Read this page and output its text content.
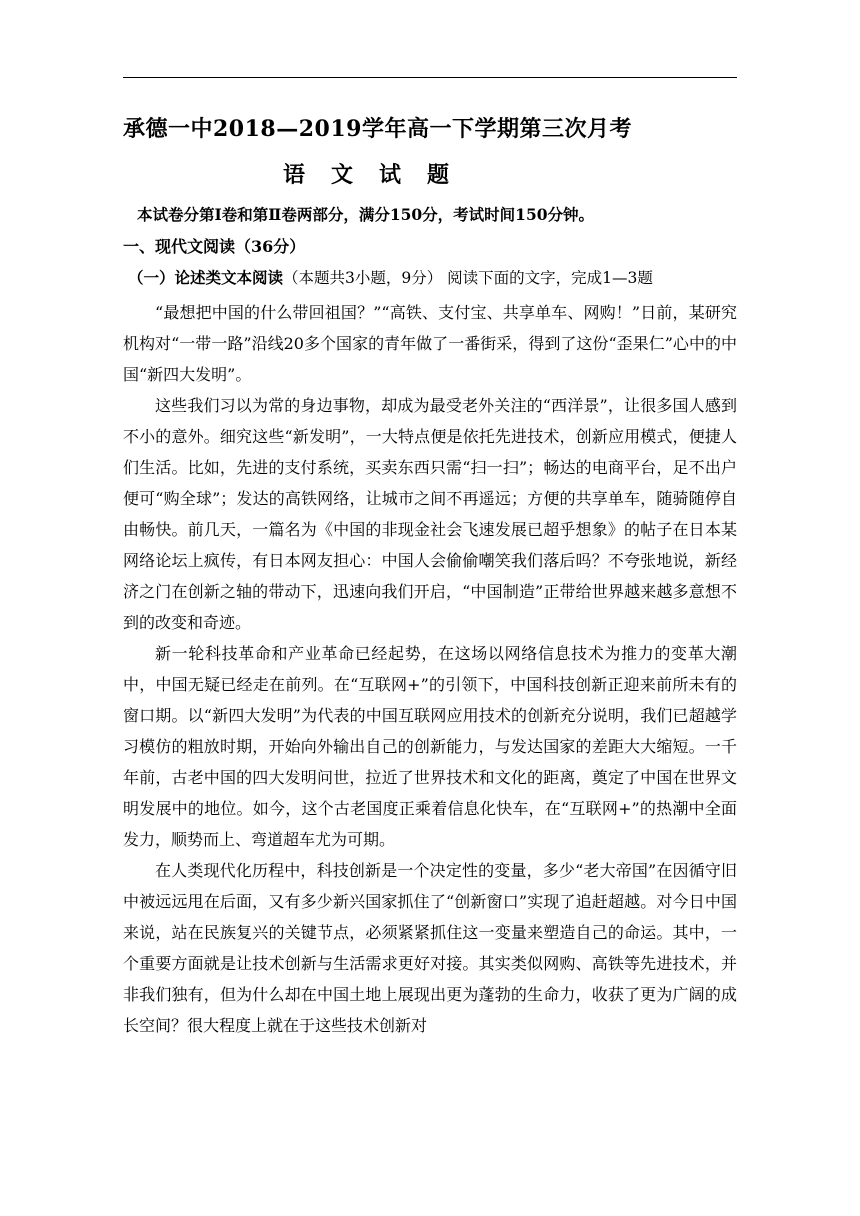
承德一中2018—2019学年高一下学期第三次月考
语文试题
本试卷分第Ⅰ卷和第Ⅱ卷两部分，满分150分，考试时间150分钟。
一、现代文阅读（36分）
（一）论述类文本阅读（本题共3小题，9分） 阅读下面的文字，完成1—3题

“最想把中国的什么带回祖国？”“高铁、支付宝、共享单车、网购！”日前，某研究机构对“一带一路”沿线20多个国家的青年做了一番街采，得到了这份“歪果仁”心中的中国“新四大发明”。

这些我们习以为常的身边事物，却成为最受老外关注的“西洋景”，让很多国人感到不小的意外。细究这些“新发明”，一大特点便是依托先进技术，创新应用模式，便捷人们生活。比如，先进的支付系统，买卖东西只需“扫一扫”；畅达的电商平台，足不出户便可“购全球”；发达的高铁网络，让城市之间不再遥远；方便的共享单车，随骑随停自由畅快。前几天，一篇名为《中国的非现金社会飞速发展已超乎想象》的帖子在日本某网络论坛上疯传，有日本网友担心：中国人会偷偷嘲笑我们落后吗？不夸张地说，新经济之门在创新之轴的带动下，迅速向我们开启，“中国制造”正带给世界越来越多意想不到的改变和奇迹。

新一轮科技革命和产业革命已经起势，在这场以网络信息技术为推力的变革大潮中，中国无疑已经走在前列。在“互联网+”的引领下，中国科技创新正迎来前所未有的窗口期。以“新四大发明”为代表的中国互联网应用技术的创新充分说明，我们已超越学习模仿的粗放时期，开始向外输出自己的创新能力，与发达国家的差距大大缩短。一千年前，古老中国的四大发明问世，拉近了世界技术和文化的距离，奠定了中国在世界文明发展中的地位。如今，这个古老国度正乘着信息化快车，在“互联网+”的热潮中全面发力，顺势而上、弯道超车尤为可期。

在人类现代化历程中，科技创新是一个决定性的变量，多少“老大帝国”在因循守旧中被远远甩在后面，又有多少新兴国家抓住了“创新窗口”实现了追赶超越。对今日中国来说，站在民族复兴的关键节点，必须紧紧抓住这一变量来塑造自己的命运。其中，一个重要方面就是让技术创新与生活需求更好对接。其实类似网购、高铁等先进技术，并非我们独有，但为什么却在中国土地上展现出更为蓬勃的生命力，收获了更为广阔的成长空间？很大程度上就在于这些技术创新对
